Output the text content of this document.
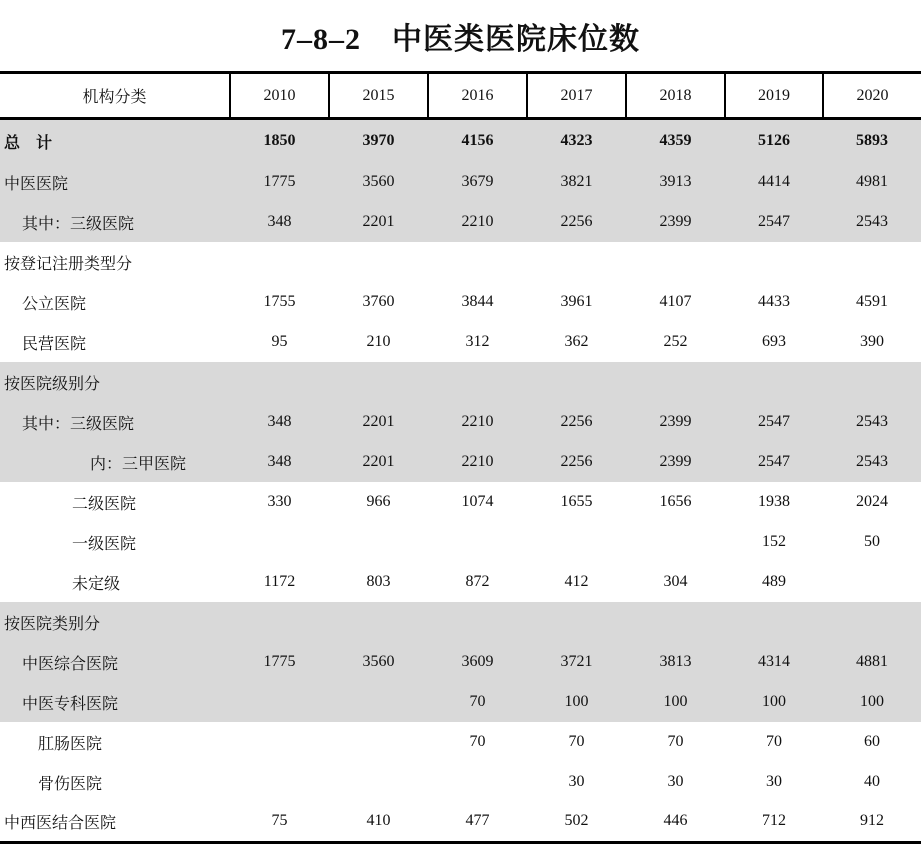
7–8–2　中医类医院床位数
机构分类	2010	2015	2016	2017	2018	2019	2020
总　计	1850	3970	4156	4323	4359	5126	5893
中医医院	1775	3560	3679	3821	3913	4414	4981
其中：三级医院	348	2201	2210	2256	2399	2547	2543
按登记注册类型分							
公立医院	1755	3760	3844	3961	4107	4433	4591
民营医院	95	210	312	362	252	693	390
按医院级别分							
其中：三级医院	348	2201	2210	2256	2399	2547	2543
内：三甲医院	348	2201	2210	2256	2399	2547	2543
二级医院	330	966	1074	1655	1656	1938	2024
一级医院						152	50
未定级	1172	803	872	412	304	489	
按医院类别分							
中医综合医院	1775	3560	3609	3721	3813	4314	4881
中医专科医院			70	100	100	100	100
肛肠医院			70	70	70	70	60
骨伤医院				30	30	30	40
中西医结合医院	75	410	477	502	446	712	912
